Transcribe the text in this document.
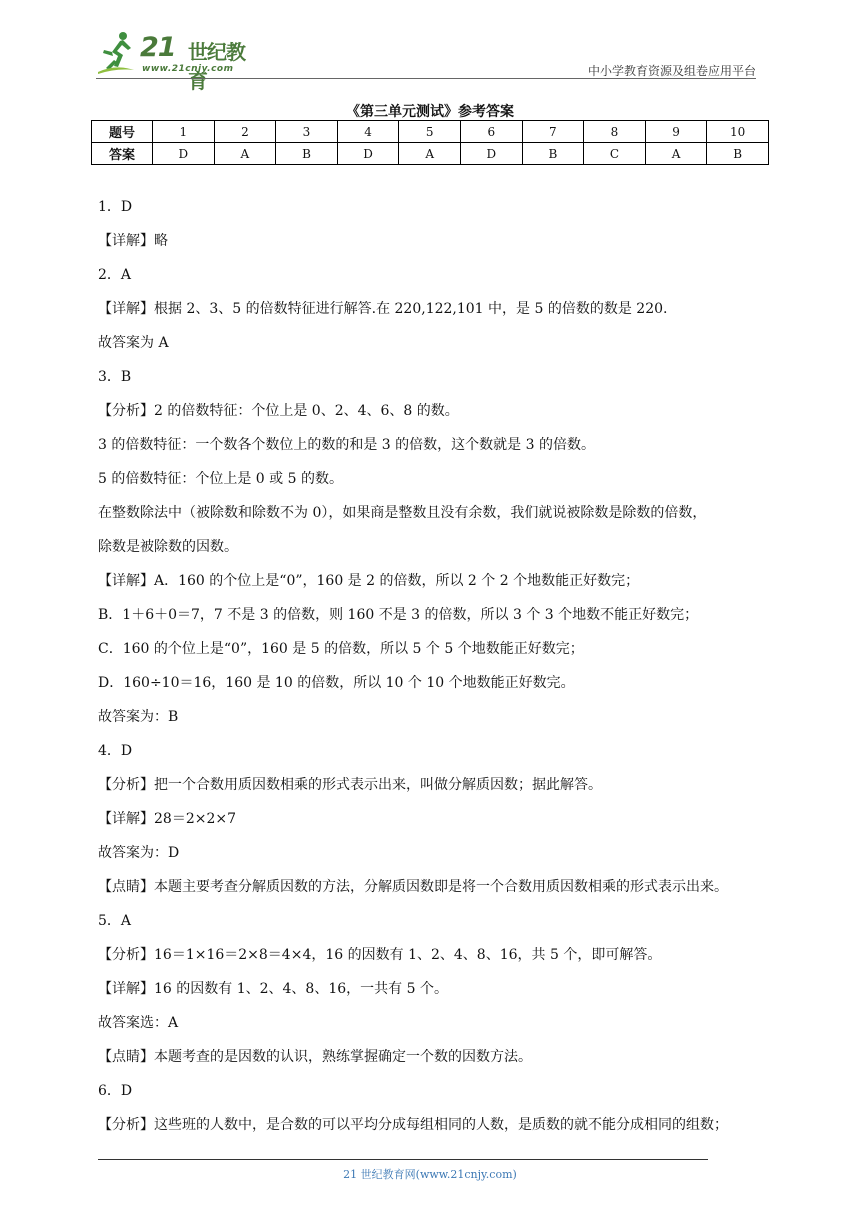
21 世纪教育
www.21cnjy.com	中小学教育资源及组卷应用平台
《第三单元测试》参考答案
题号	1	2	3	4	5	6	7	8	9	10
答案	D	A	B	D	A	D	B	C	A	B

1．D

【详解】略

2．A

【详解】根据 2、3、5 的倍数特征进行解答.在 220,122,101 中，是 5 的倍数的数是 220.

故答案为 A

3．B

【分析】2 的倍数特征：个位上是 0、2、4、6、8 的数。

3 的倍数特征：一个数各个数位上的数的和是 3 的倍数，这个数就是 3 的倍数。

5 的倍数特征：个位上是 0 或 5 的数。

在整数除法中（被除数和除数不为 0），如果商是整数且没有余数，我们就说被除数是除数的倍数，

除数是被除数的因数。

【详解】A．160 的个位上是“0”，160 是 2 的倍数，所以 2 个 2 个地数能正好数完；

B．1＋6＋0＝7，7 不是 3 的倍数，则 160 不是 3 的倍数，所以 3 个 3 个地数不能正好数完；

C．160 的个位上是“0”，160 是 5 的倍数，所以 5 个 5 个地数能正好数完；

D．160÷10＝16，160 是 10 的倍数，所以 10 个 10 个地数能正好数完。

故答案为：B

4．D

【分析】把一个合数用质因数相乘的形式表示出来，叫做分解质因数；据此解答。

【详解】28＝2×2×7

故答案为：D

【点睛】本题主要考查分解质因数的方法，分解质因数即是将一个合数用质因数相乘的形式表示出来。

5．A

【分析】16＝1×16＝2×8＝4×4，16 的因数有 1、2、4、8、16，共 5 个，即可解答。

【详解】16 的因数有 1、2、4、8、16，一共有 5 个。

故答案选：A

【点睛】本题考查的是因数的认识，熟练掌握确定一个数的因数方法。

6．D

【分析】这些班的人数中，是合数的可以平均分成每组相同的人数，是质数的就不能分成相同的组数；

21 世纪教育网(www.21cnjy.com)
